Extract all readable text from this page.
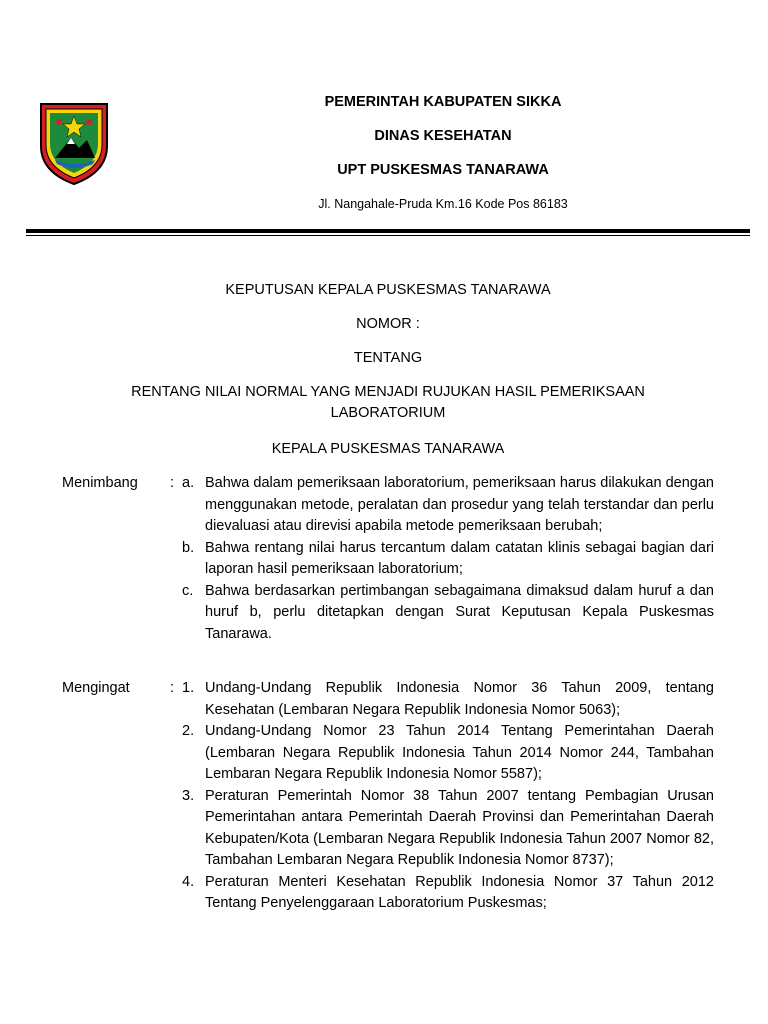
PEMERINTAH KABUPATEN SIKKA
DINAS KESEHATAN
UPT PUSKESMAS TANARAWA
Jl. Nangahale-Pruda Km.16 Kode Pos 86183
KEPUTUSAN KEPALA PUSKESMAS TANARAWA
NOMOR :
TENTANG
RENTANG NILAI NORMAL YANG MENJADI RUJUKAN HASIL PEMERIKSAAN
LABORATORIUM
KEPALA PUSKESMAS TANARAWA
Menimbang	: a. Bahwa dalam pemeriksaan laboratorium, pemeriksaan harus dilakukan dengan menggunakan metode, peralatan dan prosedur yang telah terstandar dan perlu dievaluasi atau direvisi apabila metode pemeriksaan berubah;
b. Bahwa rentang nilai harus tercantum dalam catatan klinis sebagai bagian dari laporan hasil pemeriksaan laboratorium;
c. Bahwa berdasarkan pertimbangan sebagaimana dimaksud dalam huruf a dan huruf b, perlu ditetapkan dengan Surat Keputusan Kepala Puskesmas Tanarawa.
Mengingat	: 1. Undang-Undang Republik Indonesia Nomor 36 Tahun 2009, tentang Kesehatan (Lembaran Negara Republik Indonesia Nomor 5063);
2. Undang-Undang Nomor 23 Tahun 2014 Tentang Pemerintahan Daerah (Lembaran Negara Republik Indonesia Tahun 2014 Nomor 244, Tambahan Lembaran Negara Republik Indonesia Nomor 5587);
3. Peraturan Pemerintah Nomor 38 Tahun 2007 tentang Pembagian Urusan Pemerintahan antara Pemerintah Daerah Provinsi dan Pemerintahan Daerah Kebupaten/Kota (Lembaran Negara Republik Indonesia Tahun 2007 Nomor 82, Tambahan Lembaran Negara Republik Indonesia Nomor 8737);
4. Peraturan Menteri Kesehatan Republik Indonesia Nomor 37 Tahun 2012 Tentang Penyelenggaraan Laboratorium Puskesmas;
